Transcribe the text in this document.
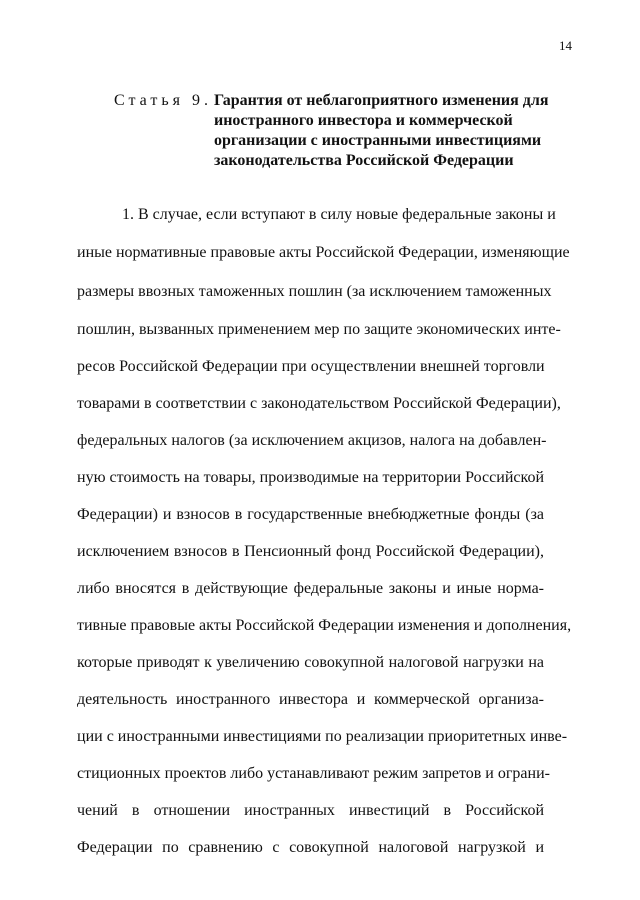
14
Статья 9. Гарантия от неблагоприятного изменения для
иностранного инвестора и коммерческой
организации с иностранными инвестициями
законодательства Российской Федерации
1. В случае, если вступают в силу новые федеральные законы и
иные нормативные правовые акты Российской Федерации, изменяющие
размеры ввозных таможенных пошлин (за исключением таможенных
пошлин, вызванных применением мер по защите экономических инте-
ресов Российской Федерации при осуществлении внешней торговли
товарами в соответствии с законодательством Российской Федерации),
федеральных налогов (за исключением акцизов, налога на добавлен-
ную стоимость на товары, производимые на территории Российской
Федерации) и взносов в государственные внебюджетные фонды (за
исключением взносов в Пенсионный фонд Российской Федерации),
либо вносятся в действующие федеральные законы и иные норма-
тивные правовые акты Российской Федерации изменения и дополнения,
которые приводят к увеличению совокупной налоговой нагрузки на
деятельность иностранного инвестора и коммерческой организа-
ции с иностранными инвестициями по реализации приоритетных инве-
стиционных проектов либо устанавливают режим запретов и ограни-
чений в отношении иностранных инвестиций в Российской
Федерации по сравнению с совокупной налоговой нагрузкой и
